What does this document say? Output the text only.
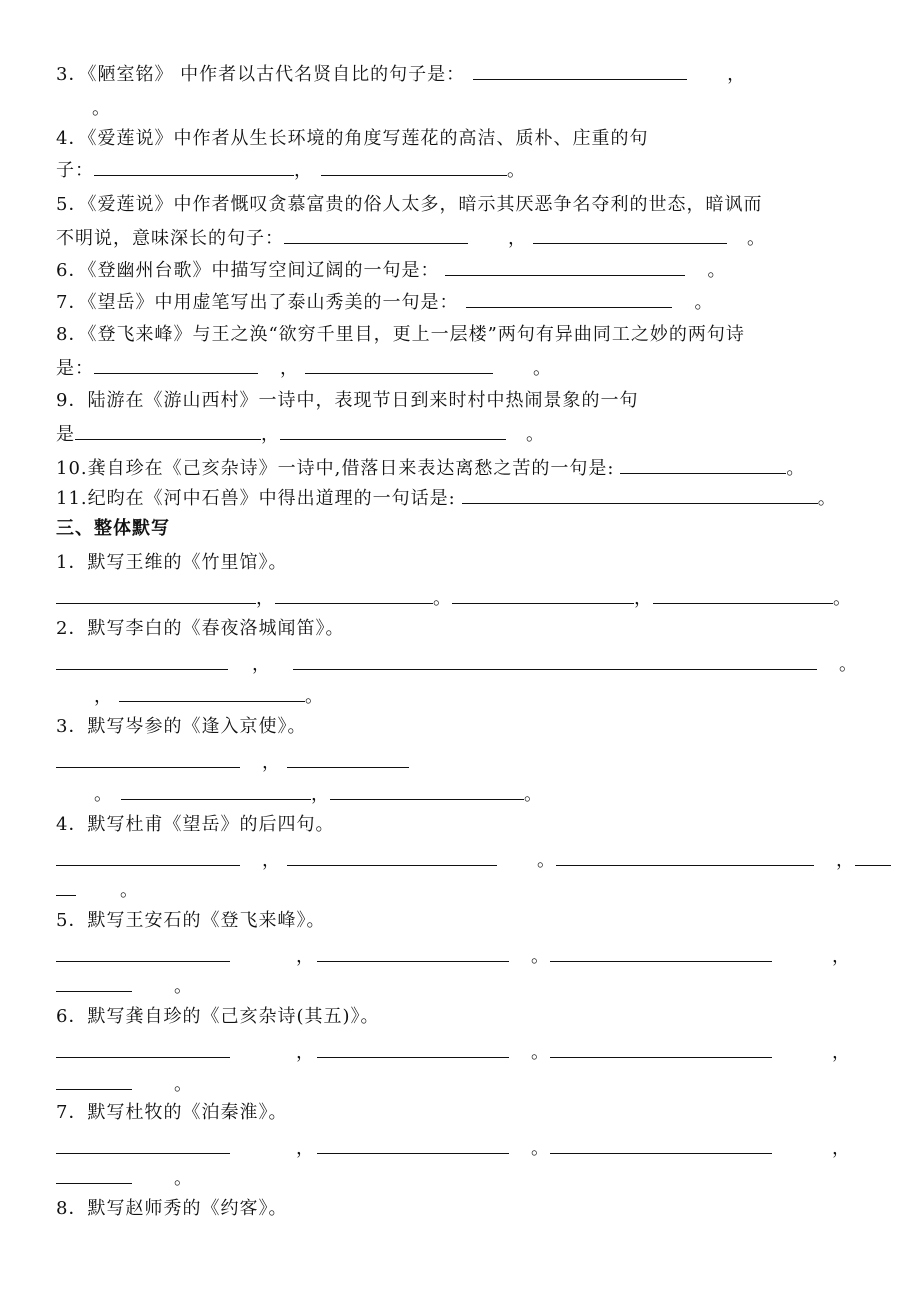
3．《陋室铭》 中作者以古代名贤自比的句子是：	，
。
4．《爱莲说》中作者从生长环境的角度写莲花的高洁、质朴、庄重的句
子：	，	。
5．《爱莲说》中作者慨叹贪慕富贵的俗人太多，暗示其厌恶争名夺利的世态，暗讽而
不明说，意味深长的句子：	，	。
6．《登幽州台歌》中描写空间辽阔的一句是：	。
7．《望岳》中用虚笔写出了泰山秀美的一句是：	。
8．《登飞来峰》与王之涣“欲穷千里目，更上一层楼”两句有异曲同工之妙的两句诗
是：	，	。
9．陆游在《游山西村》一诗中，表现节日到来时村中热闹景象的一句
是	，	。
10.龚自珍在《己亥杂诗》一诗中,借落日来表达离愁之苦的一句是:	。
11.纪昀在《河中石兽》中得出道理的一句话是:	。
三、整体默写
1．默写王维的《竹里馆》。
，	。	，	。
2．默写李白的《春夜洛城闻笛》。
，	。
，	。
3．默写岑参的《逢入京使》。
，
。	，	。
4．默写杜甫《望岳》的后四句。
，	。	，
。
5．默写王安石的《登飞来峰》。
，	。	，
。
6．默写龚自珍的《己亥杂诗(其五)》。
，	。	，
。
7．默写杜牧的《泊秦淮》。
，	。	，
。
8．默写赵师秀的《约客》。
